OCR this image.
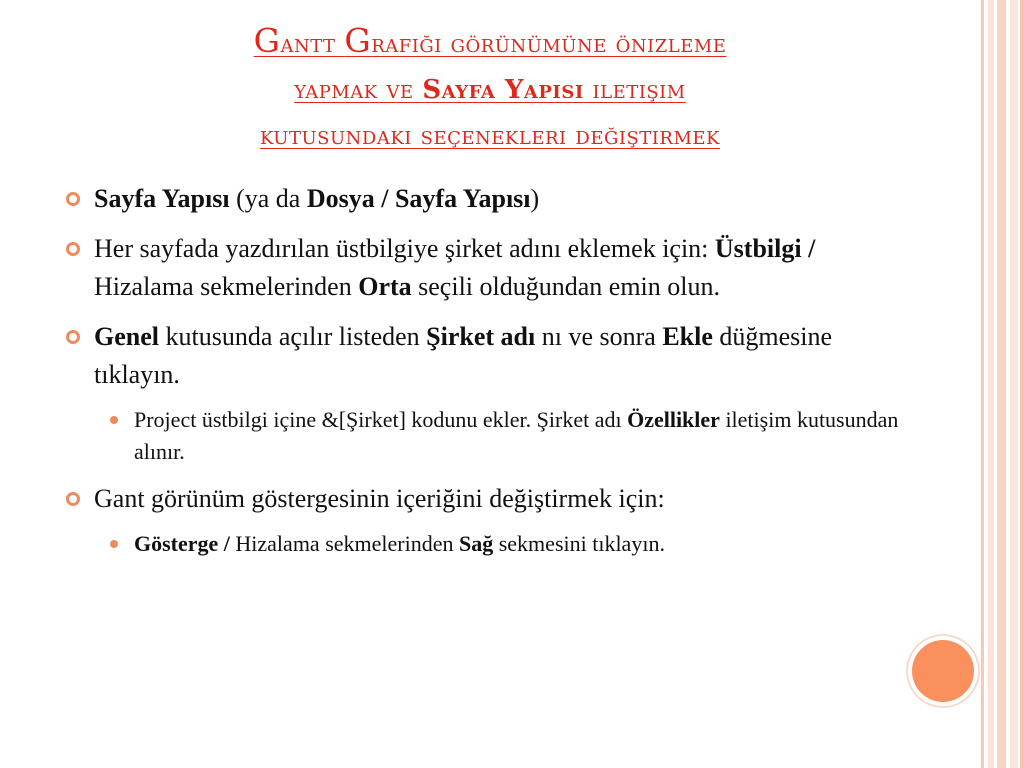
Gantt Grafiği görünümüne önizleme
yapmak ve Sayfa Yapısı iletişim
kutusundaki seçenekleri değiştirmek
Sayfa Yapısı (ya da Dosya / Sayfa Yapısı)
Her sayfada yazdırılan üstbilgiye şirket adını eklemek için: Üstbilgi / Hizalama sekmelerinden Orta seçili olduğundan emin olun.
Genel kutusunda açılır listeden Şirket adı nı ve sonra Ekle düğmesine tıklayın.
Project üstbilgi içine &[Şirket] kodunu ekler. Şirket adı Özellikler iletişim kutusundan alınır.
Gant görünüm göstergesinin içeriğini değiştirmek için:
Gösterge / Hizalama sekmelerinden Sağ sekmesini tıklayın.
